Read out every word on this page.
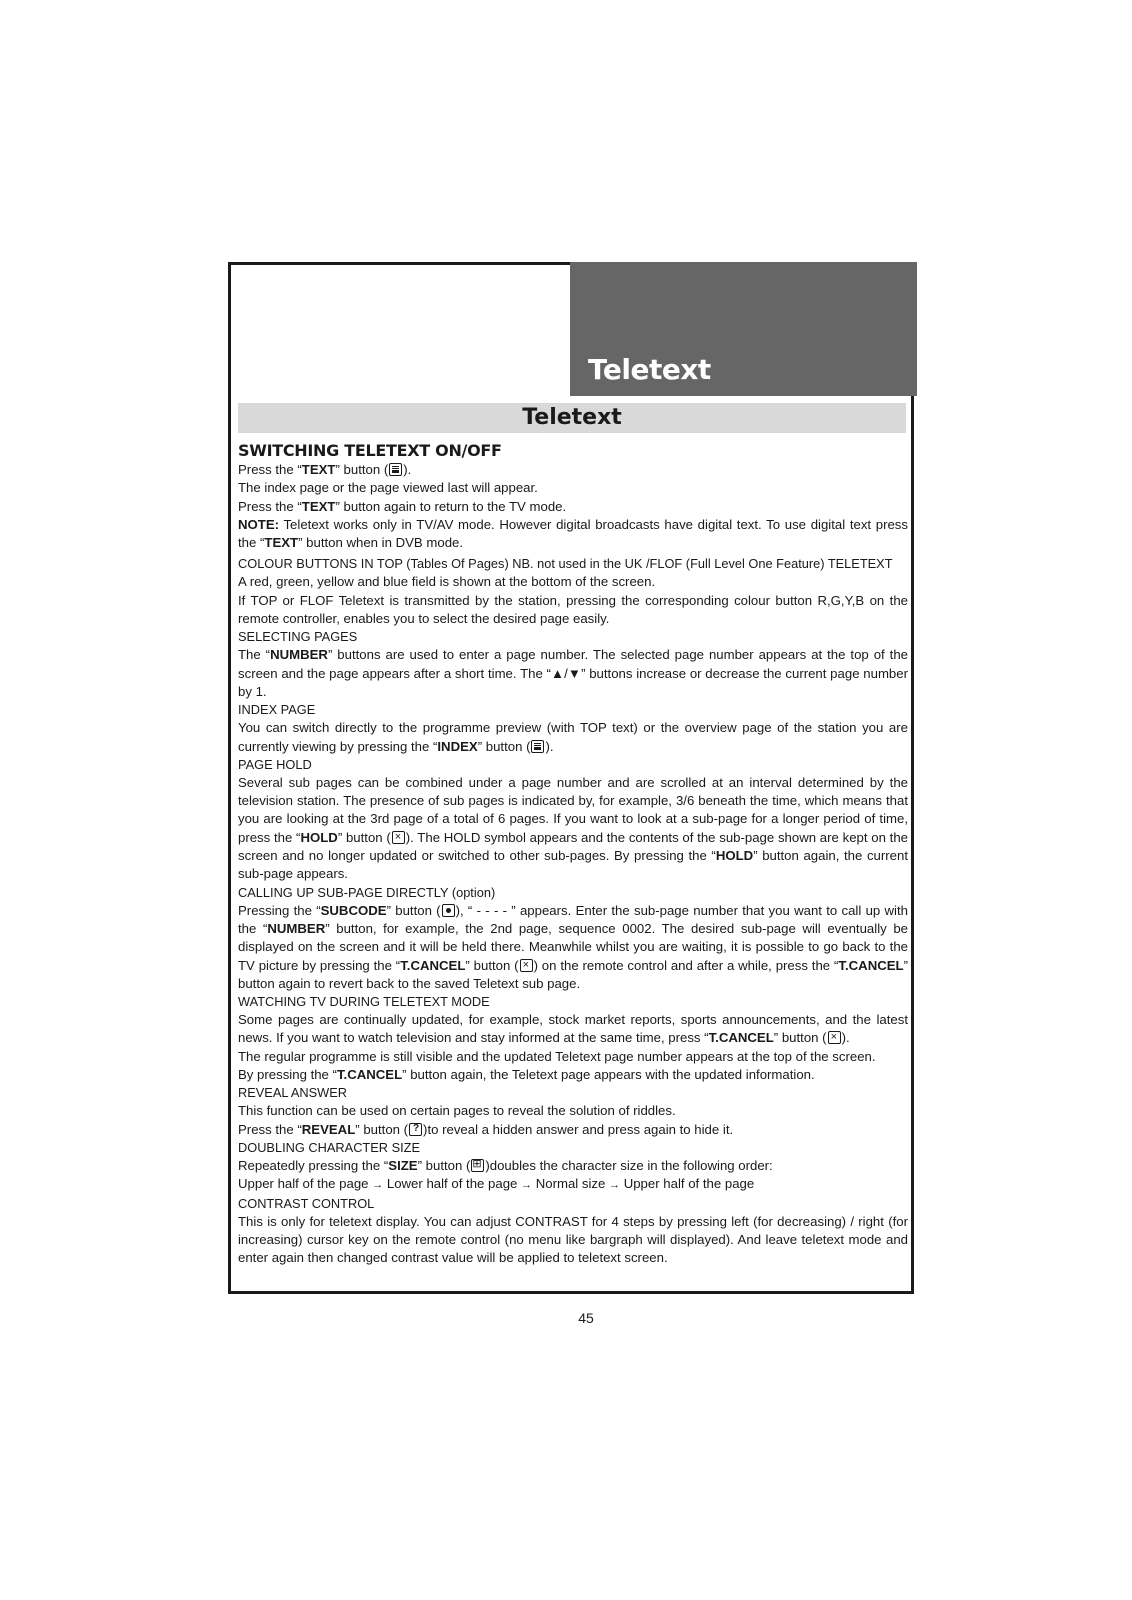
Teletext
Teletext
SWITCHING TELETEXT ON/OFF

Press the “TEXT” button ( ).

The index page or the page viewed last will appear.

Press the “TEXT” button again to return to the TV mode.

NOTE: Teletext works only in TV/AV mode. However digital broadcasts have digital text. To use digital text press the “TEXT” button when in DVB mode.

COLOUR BUTTONS IN TOP (Tables Of Pages) NB. not used in the UK /FLOF (Full Level One Feature) TELETEXT

A red, green, yellow and blue field is shown at the bottom of the screen.

If TOP or FLOF Teletext is transmitted by the station, pressing the corresponding colour button R,G,Y,B on the remote controller, enables you to select the desired page easily.

SELECTING PAGES

The “NUMBER” buttons are used to enter a page number. The selected page number appears at the top of the screen and the page appears after a short time. The “▲/▼” buttons increase or decrease the current page number by 1.

INDEX PAGE

You can switch directly to the programme preview (with TOP text) or the overview page of the station you are currently viewing by pressing the “INDEX” button ( ).

PAGE HOLD

Several sub pages can be combined under a page number and are scrolled at an interval determined by the television station. The presence of sub pages is indicated by, for example, 3/6 beneath the time, which means that you are looking at the 3rd page of a total of 6 pages. If you want to look at a sub-page for a longer period of time, press the “HOLD” button ( × ). The HOLD symbol appears and the contents of the sub-page shown are kept on the screen and no longer updated or switched to other sub-pages. By pressing the “HOLD” button again, the current sub-page appears.

CALLING UP SUB-PAGE DIRECTLY (option)

Pressing the “SUBCODE” button ( ), “ - - - - ” appears. Enter the sub-page number that you want to call up with the “NUMBER” button, for example, the 2nd page, sequence 0002. The desired sub-page will eventually be displayed on the screen and it will be held there. Meanwhile whilst you are waiting, it is possible to go back to the TV picture by pressing the “T.CANCEL” button ( × ) on the remote control and after a while, press the “T.CANCEL” button again to revert back to the saved Teletext sub page.

WATCHING TV DURING TELETEXT MODE

Some pages are continually updated, for example, stock market reports, sports announcements, and the latest news. If you want to watch television and stay informed at the same time, press “T.CANCEL” button ( × ).

The regular programme is still visible and the updated Teletext page number appears at the top of the screen.

By pressing the “T.CANCEL” button again, the Teletext page appears with the updated information.

REVEAL ANSWER

This function can be used on certain pages to reveal the solution of riddles.

Press the “REVEAL” button ( ? )to reveal a hidden answer and press again to hide it.

DOUBLING CHARACTER SIZE

Repeatedly pressing the “SIZE” button ( ⊞ )doubles the character size in the following order:

Upper half of the page → Lower half of the page → Normal size → Upper half of the page

CONTRAST CONTROL

This is only for teletext display. You can adjust CONTRAST for 4 steps by pressing left (for decreasing) / right (for increasing) cursor key on the remote control (no menu like bargraph will displayed). And leave teletext mode and enter again then changed contrast value will be applied to teletext screen.

45
